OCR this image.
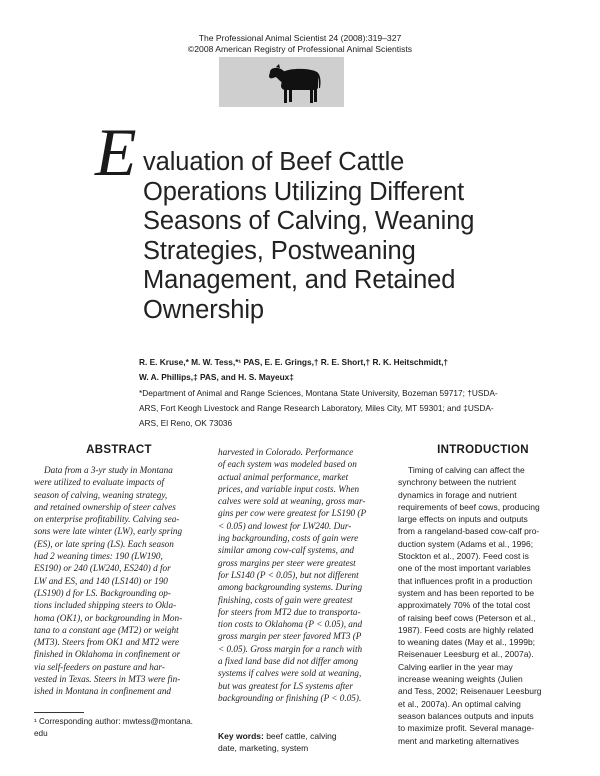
The Professional Animal Scientist 24 (2008):319–327
©2008 American Registry of Professional Animal Scientists
E valuation of Beef Cattle
Operations Utilizing Different
Seasons of Calving, Weaning
Strategies, Postweaning
Management, and Retained
Ownership
R. E. Kruse,* M. W. Tess,*¹ PAS, E. E. Grings,† R. E. Short,† R. K. Heitschmidt,†
W. A. Phillips,‡ PAS, and H. S. Mayeux‡
*Department of Animal and Range Sciences, Montana State University, Bozeman 59717; †USDA-
ARS, Fort Keogh Livestock and Range Research Laboratory, Miles City, MT 59301; and ‡USDA-
ARS, El Reno, OK 73036
ABSTRACT
Data from a 3-yr study in Montana
were utilized to evaluate impacts of
season of calving, weaning strategy,
and retained ownership of steer calves
on enterprise profitability. Calving sea-
sons were late winter (LW), early spring
(ES), or late spring (LS). Each season
had 2 weaning times: 190 (LW190,
ES190) or 240 (LW240, ES240) d for
LW and ES, and 140 (LS140) or 190
(LS190) d for LS. Backgrounding op-
tions included shipping steers to Okla-
homa (OK1), or backgrounding in Mon-
tana to a constant age (MT2) or weight
(MT3). Steers from OK1 and MT2 were
finished in Oklahoma in confinement or
via self-feeders on pasture and har-
vested in Texas. Steers in MT3 were fin-
ished in Montana in confinement and
harvested in Colorado. Performance
of each system was modeled based on
actual animal performance, market
prices, and variable input costs. When
calves were sold at weaning, gross mar-
gins per cow were greatest for LS190 (P
< 0.05) and lowest for LW240. Dur-
ing backgrounding, costs of gain were
similar among cow-calf systems, and
gross margins per steer were greatest
for LS140 (P < 0.05), but not different
among backgrounding systems. During
finishing, costs of gain were greatest
for steers from MT2 due to transporta-
tion costs to Oklahoma (P < 0.05), and
gross margin per steer favored MT3 (P
< 0.05). Gross margin for a ranch with
a fixed land base did not differ among
systems if calves were sold at weaning,
but was greatest for LS systems after
backgrounding or finishing (P < 0.05).
Key words: beef cattle, calving
date, marketing, system
INTRODUCTION
Timing of calving can affect the
synchrony between the nutrient
dynamics in forage and nutrient
requirements of beef cows, producing
large effects on inputs and outputs
from a rangeland-based cow-calf pro-
duction system (Adams et al., 1996;
Stockton et al., 2007). Feed cost is
one of the most important variables
that influences profit in a production
system and has been reported to be
approximately 70% of the total cost
of raising beef cows (Peterson et al.,
1987). Feed costs are highly related
to weaning dates (May et al., 1999b;
Reisenauer Leesburg et al., 2007a).
Calving earlier in the year may
increase weaning weights (Julien
and Tess, 2002; Reisenauer Leesburg
et al., 2007a). An optimal calving
season balances outputs and inputs
to maximize profit. Several manage-
ment and marketing alternatives
¹ Corresponding author: mwtess@montana.
edu
